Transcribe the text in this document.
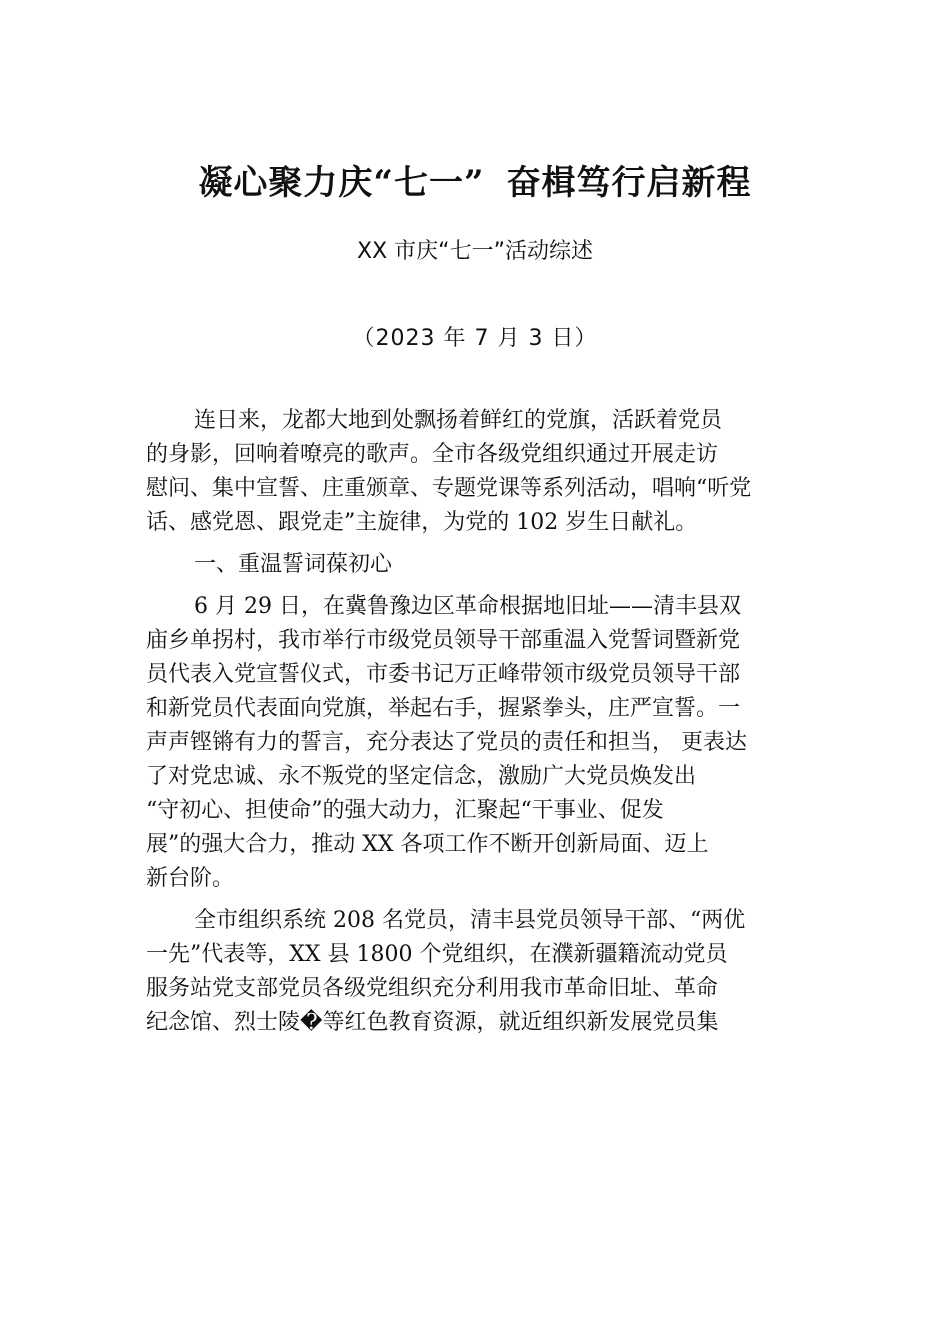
凝心聚力庆“七一” 奋楫笃行启新程
XX 市庆“七一”活动综述
（2023 年 7 月 3 日）
连日来，龙都大地到处飘扬着鲜红的党旗，活跃着党员
的身影，回响着嘹亮的歌声。全市各级党组织通过开展走访
慰问、集中宣誓、庄重颁章、专题党课等系列活动，唱响“听党
话、感党恩、跟党走”主旋律，为党的 102 岁生日献礼。
一、重温誓词葆初心
6 月 29 日，在冀鲁豫边区革命根据地旧址——清丰县双
庙乡单拐村，我市举行市级党员领导干部重温入党誓词暨新党
员代表入党宣誓仪式，市委书记万正峰带领市级党员领导干部
和新党员代表面向党旗，举起右手，握紧拳头，庄严宣誓。一
声声铿锵有力的誓言，充分表达了党员的责任和担当， 更表达
了对党忠诚、永不叛党的坚定信念，激励广大党员焕发出
“守初心、担使命”的强大动力，汇聚起“干事业、促发
展”的强大合力，推动 XX 各项工作不断开创新局面、迈上
新台阶。
全市组织系统 208 名党员，清丰县党员领导干部、“两优
一先”代表等，XX 县 1800 个党组织，在濮新疆籍流动党员
服务站党支部党员各级党组织充分利用我市革命旧址、革命
纪念馆、烈士陵�等红色教育资源，就近组织新发展党员集
